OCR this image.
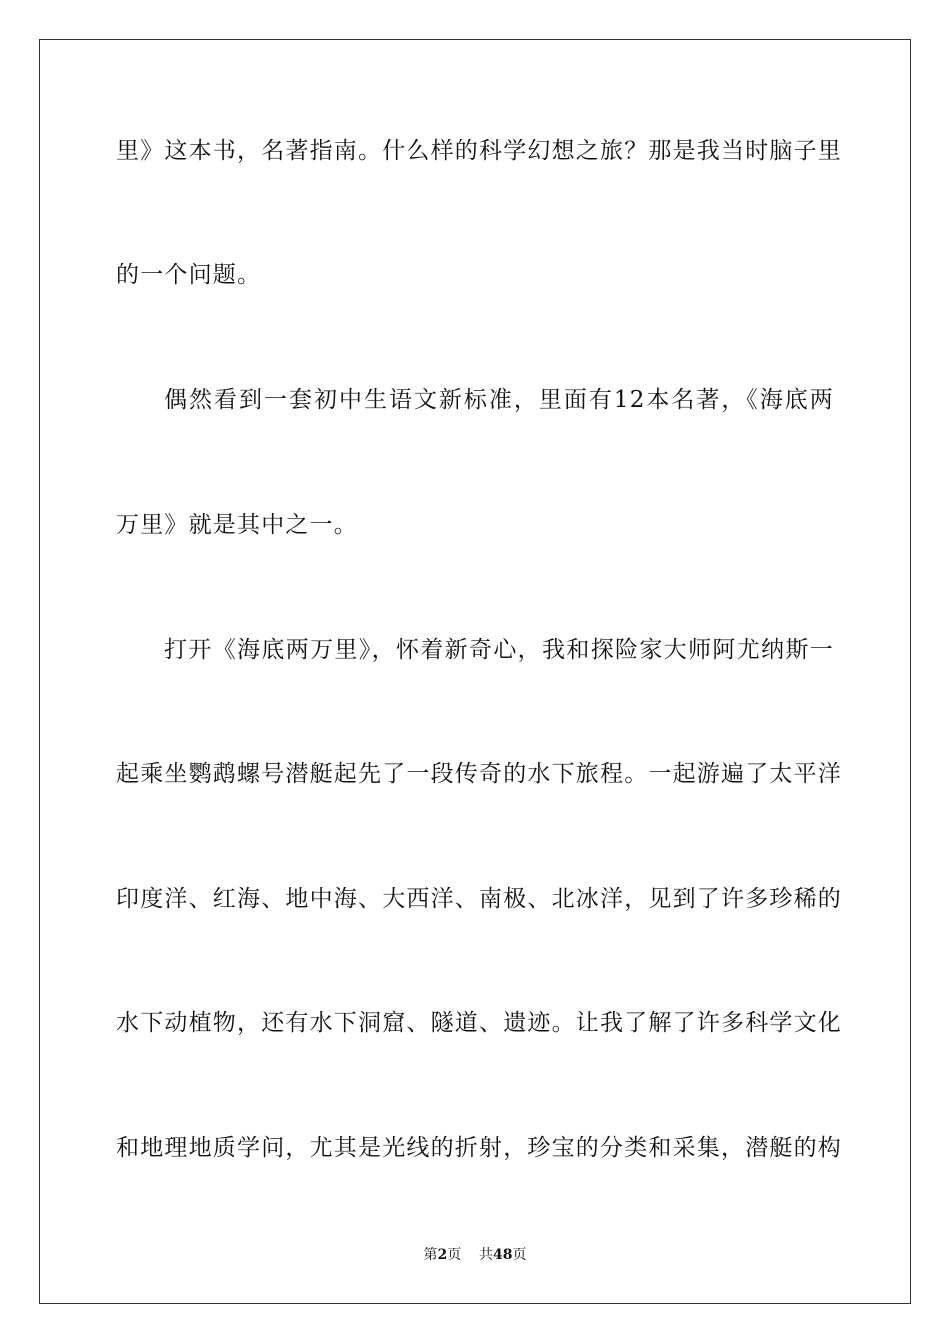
里》这本书，名著指南。什么样的科学幻想之旅？那是我当时脑子里
的一个问题。
偶然看到一套初中生语文新标准，里面有12本名著，《海底两
万里》就是其中之一。
打开《海底两万里》，怀着新奇心，我和探险家大师阿尤纳斯一
起乘坐鹦鹉螺号潜艇起先了一段传奇的水下旅程。一起游遍了太平洋
印度洋、红海、地中海、大西洋、南极、北冰洋，见到了许多珍稀的
水下动植物，还有水下洞窟、隧道、遗迹。让我了解了许多科学文化
和地理地质学问，尤其是光线的折射，珍宝的分类和采集，潜艇的构
第2页 共48页
